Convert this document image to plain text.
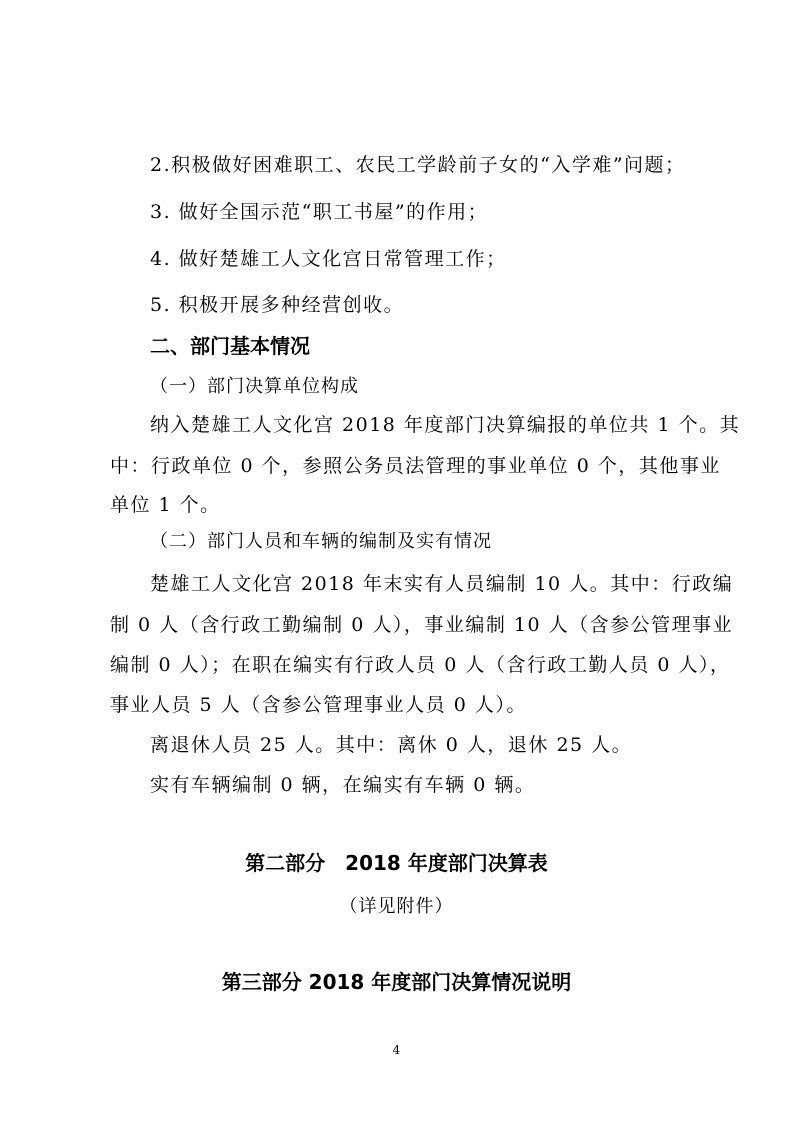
2.积极做好困难职工、农民工学龄前子女的“入学难”问题；
3. 做好全国示范“职工书屋”的作用；
4. 做好楚雄工人文化宫日常管理工作；
5. 积极开展多种经营创收。
二、部门基本情况
（一）部门决算单位构成
纳入楚雄工人文化宫 2018 年度部门决算编报的单位共 1 个。其
中：行政单位 0 个，参照公务员法管理的事业单位 0 个，其他事业
单位 1 个。
（二）部门人员和车辆的编制及实有情况
楚雄工人文化宫 2018 年末实有人员编制 10 人。其中：行政编
制 0 人（含行政工勤编制 0 人），事业编制 10 人（含参公管理事业
编制 0 人）；在职在编实有行政人员 0 人（含行政工勤人员 0 人），
事业人员 5 人（含参公管理事业人员 0 人）。
离退休人员 25 人。其中：离休 0 人，退休 25 人。
实有车辆编制 0 辆，在编实有车辆 0 辆。
第二部分　2018 年度部门决算表
（详见附件）
第三部分 2018 年度部门决算情况说明
4
